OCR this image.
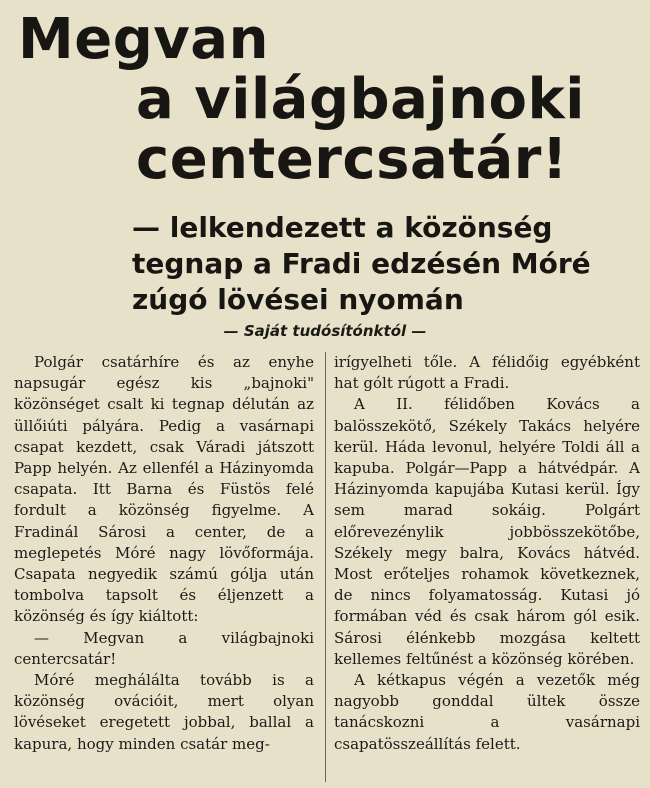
Megvan
a világbajnoki
centercsatár!
— lelkendezett a közönség
tegnap a Fradi edzésén Móré
zúgó lövései nyomán
— Saját tudósítónktól —

Polgár csatárhíre és az enyhe napsugár egész kis „bajnoki" közönséget csalt ki tegnap délután az üllőiúti pályára. Pedig a vasárnapi csapat kezdett, csak Váradi játszott Papp helyén. Az ellenfél a Házinyomda csapata. Itt Barna és Füstös felé fordult a közönség figyelme. A Fradinál Sárosi a center, de a meglepetés Móré nagy lövőformája. Csapata negyedik számú gólja után tombolva tapsolt és éljenzett a közönség és így kiáltott:

— Megvan a világbajnoki centercsatár!

Móré meghálálta tovább is a közönség ovációit, mert olyan lövéseket eregetett jobbal, ballal a kapura, hogy minden csatár meg-

irígyelheti tőle. A félidőig egyébként hat gólt rúgott a Fradi.

A II. félidőben Kovács a balösszekötő, Székely Takács helyére kerül. Háda levonul, helyére Toldi áll a kapuba. Polgár—Papp a hátvédpár. A Házinyomda kapujába Kutasi kerül. Így sem marad sokáig. Polgárt előrevezénylik jobbösszekötőbe, Székely megy balra, Kovács hátvéd. Most erőteljes rohamok következnek, de nincs folyamatosság. Kutasi jó formában véd és csak három gól esik. Sárosi élénkebb mozgása keltett kellemes feltűnést a közönség körében.

A kétkapus végén a vezetők még nagyobb gonddal ültek össze tanácskozni a vasárnapi csapatösszeállítás felett.
